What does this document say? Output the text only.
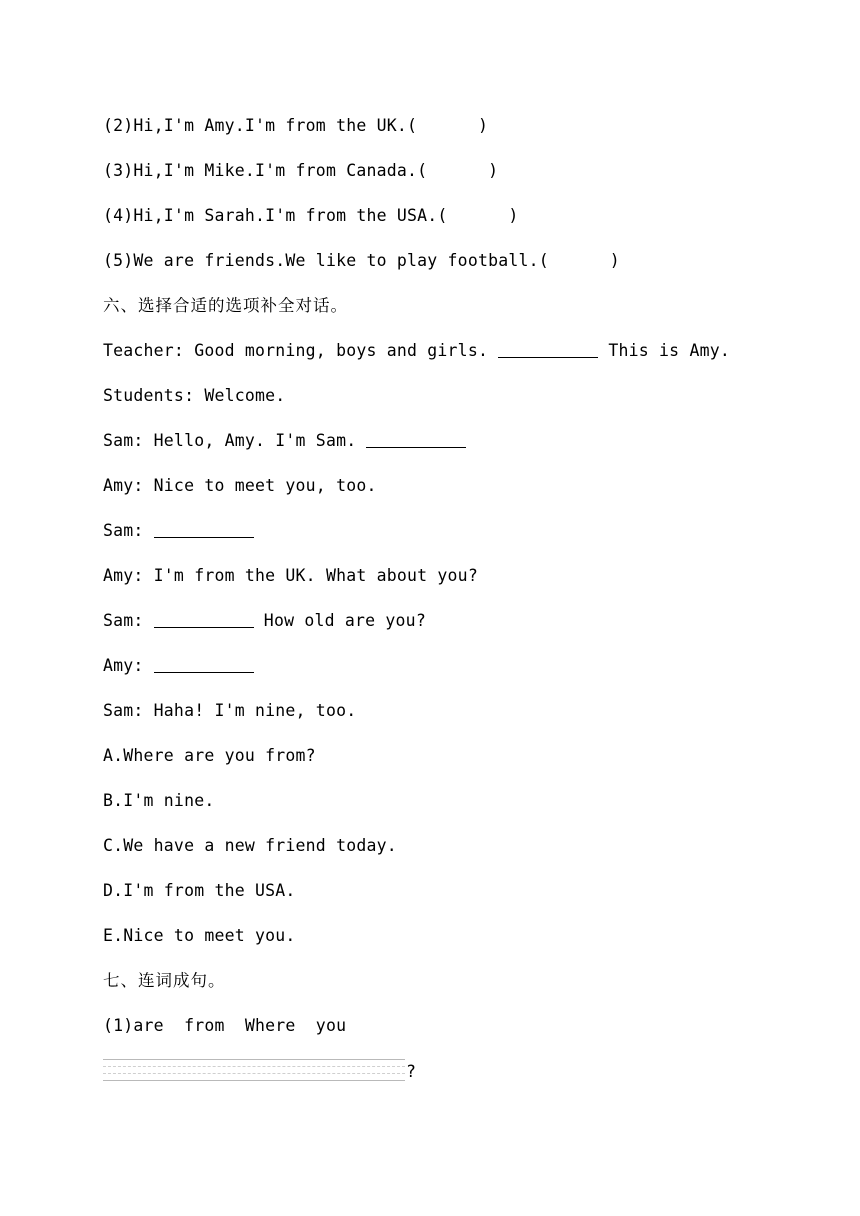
(2)Hi,I'm Amy.I'm from the UK.(      )
(3)Hi,I'm Mike.I'm from Canada.(      )
(4)Hi,I'm Sarah.I'm from the USA.(      )
(5)We are friends.We like to play football.(      )
六、选择合适的选项补全对话。
Teacher: Good morning, boys and girls.	This is Amy.
Students: Welcome.
Sam: Hello, Amy. I'm Sam.
Amy: Nice to meet you, too.
Sam:
Amy: I'm from the UK. What about you?
Sam:	How old are you?
Amy:
Sam: Haha! I'm nine, too.
A.Where are you from?
B.I'm nine.
C.We have a new friend today.
D.I'm from the USA.
E.Nice to meet you.
七、连词成句。
(1)are  from  Where  you
?
